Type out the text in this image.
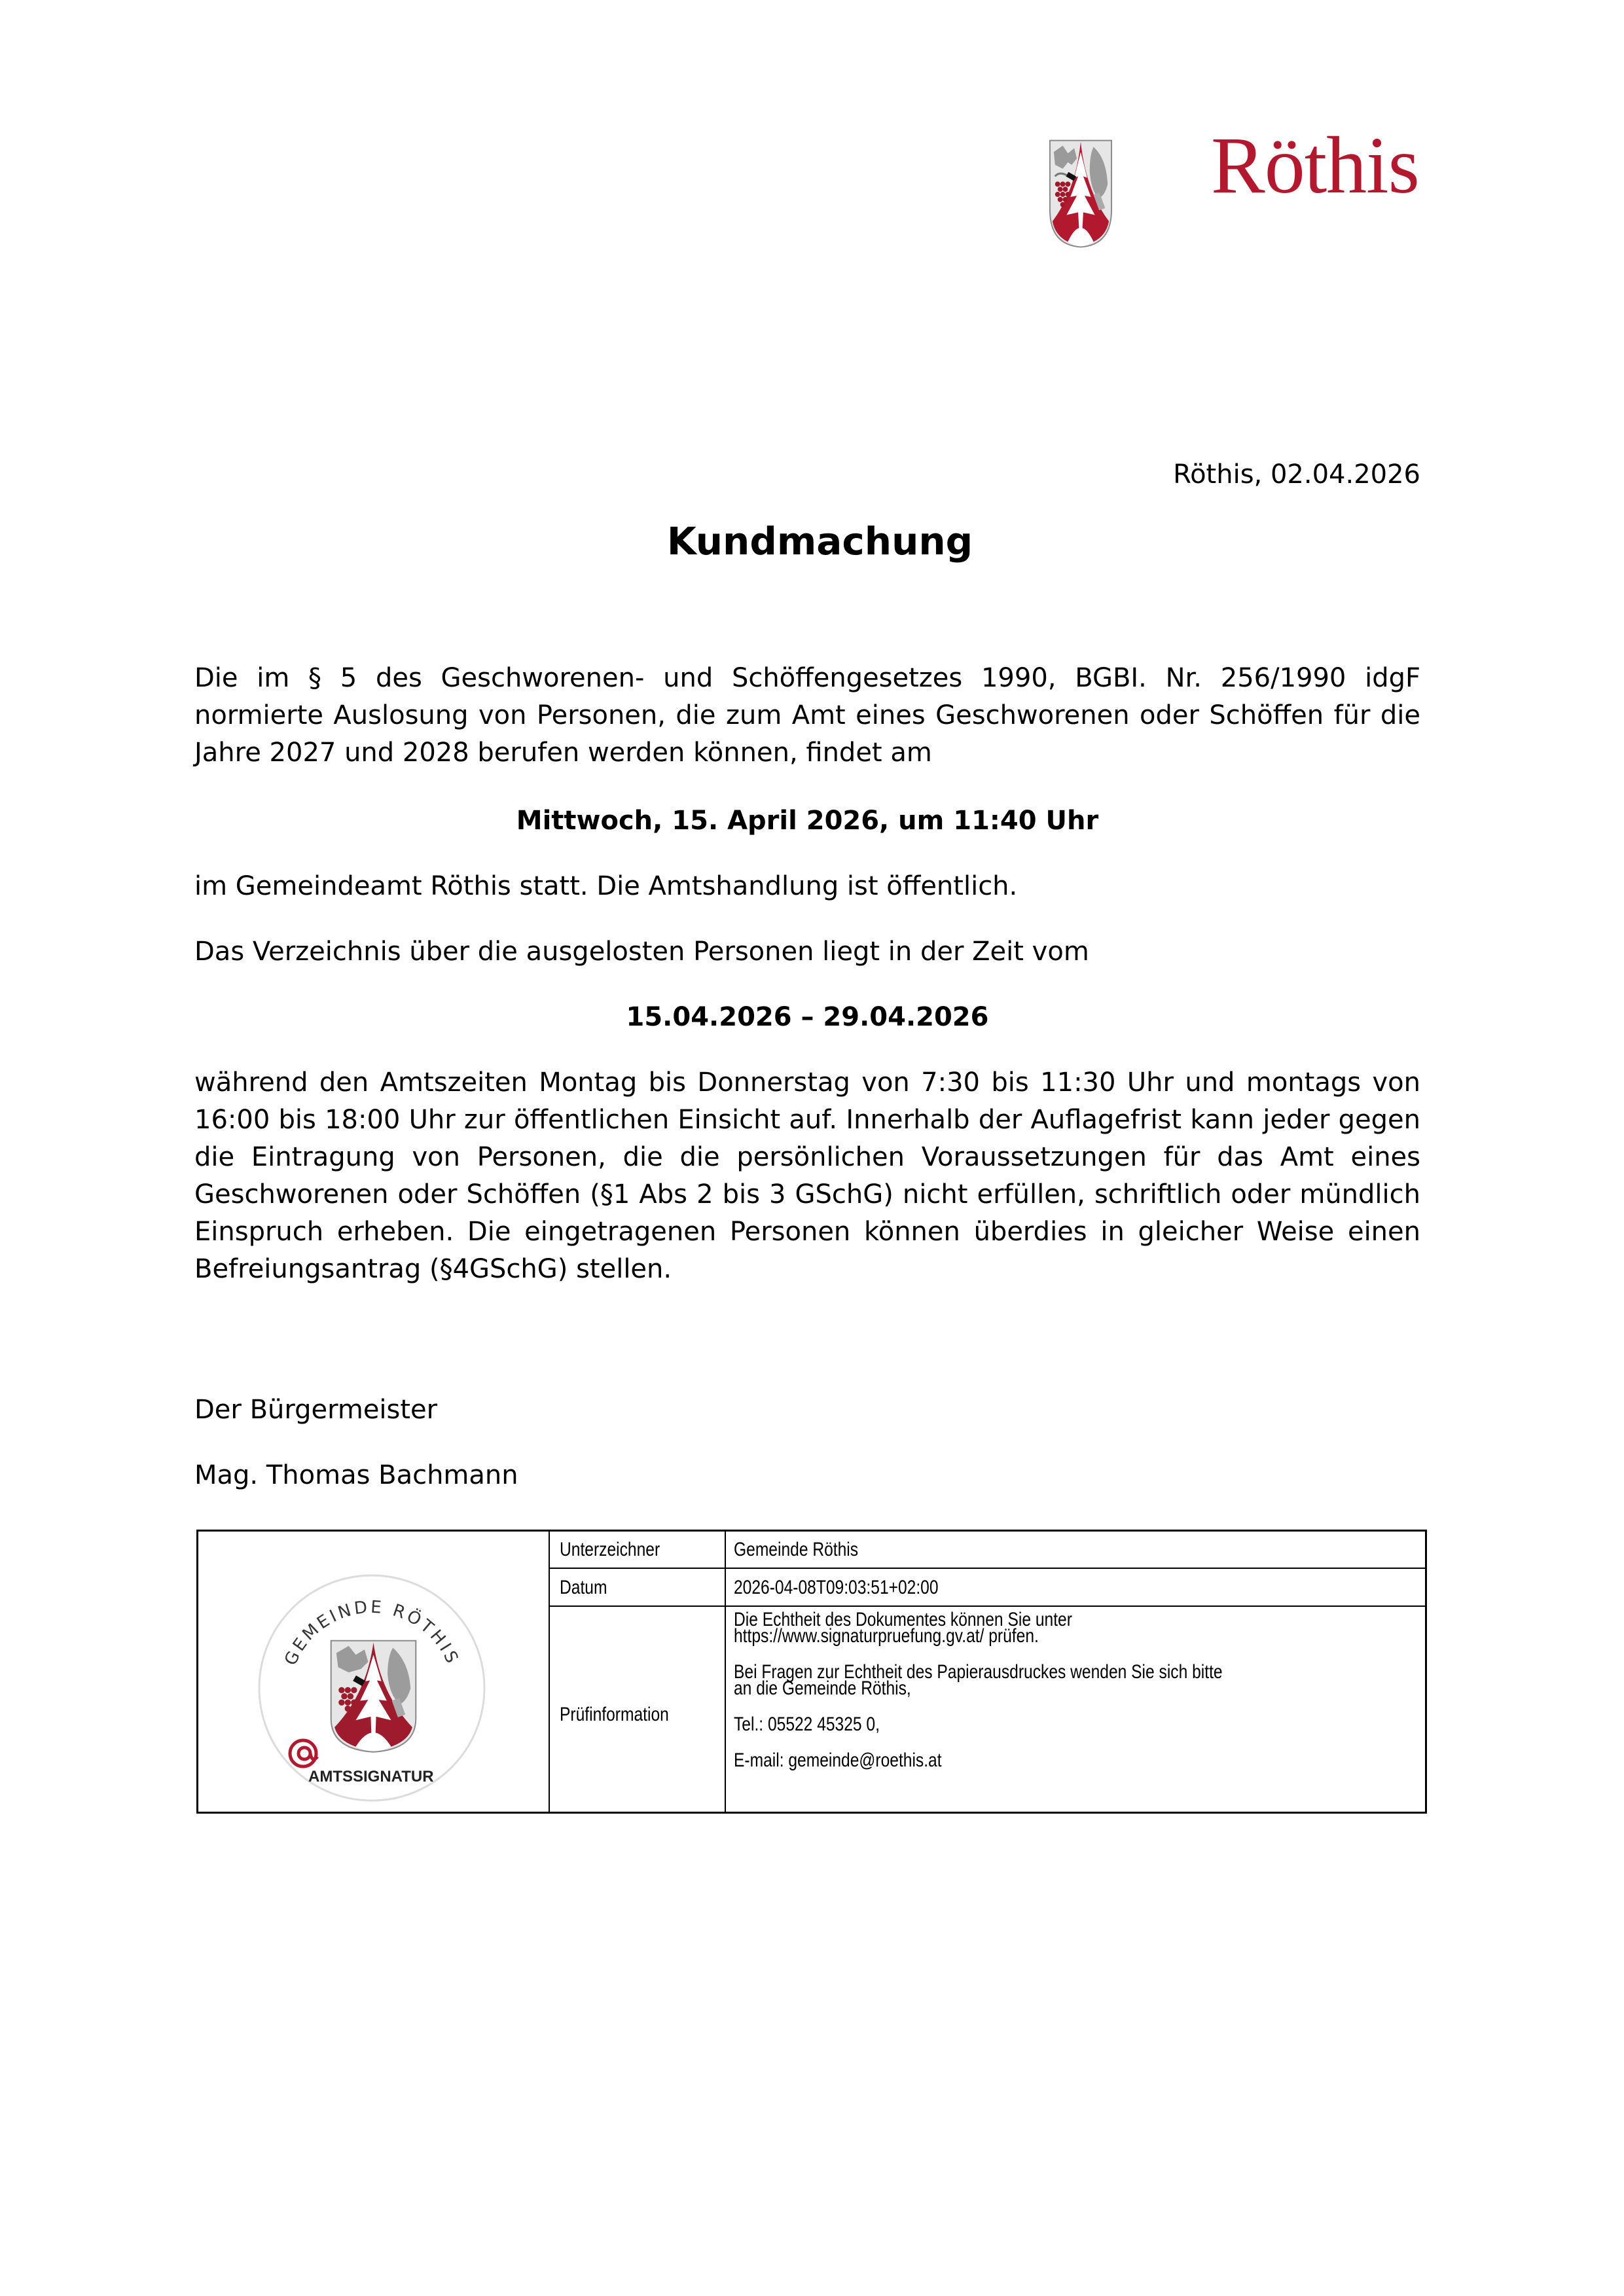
Röthis
Röthis, 02.04.2026
Kundmachung

Die im § 5 des Geschworenen- und Schöffengesetzes 1990, BGBI. Nr. 256/1990 idgF normierte Auslosung von Personen, die zum Amt eines Geschworenen oder Schöffen für die Jahre 2027 und 2028 berufen werden können, findet am

Mittwoch, 15. April 2026, um 11:40 Uhr
im Gemeindeamt Röthis statt. Die Amtshandlung ist öffentlich.
Das Verzeichnis über die ausgelosten Personen liegt in der Zeit vom
15.04.2026 – 29.04.2026

während den Amtszeiten Montag bis Donnerstag von 7:30 bis 11:30 Uhr und montags von 16:00 bis 18:00 Uhr zur öffentlichen Einsicht auf. Innerhalb der Auflagefrist kann jeder gegen die Eintragung von Personen, die die persönlichen Voraussetzungen für das Amt eines Geschworenen oder Schöffen (§1 Abs 2 bis 3 GSchG) nicht erfüllen, schriftlich oder mündlich Einspruch erheben. Die eingetragenen Personen können überdies in gleicher Weise einen Befreiungsantrag (§4GSchG) stellen.

Der Bürgermeister
Mag. Thomas Bachmann
GEMEINDE RÖTHIS
AMTSSIGNATUR
Unterzeichner	Gemeinde Röthis
Datum	2026-04-08T09:03:51+02:00
Prüfinformation
Die Echtheit des Dokumentes können Sie unter
https://www.signaturpruefung.gv.at/ prüfen.
Bei Fragen zur Echtheit des Papierausdruckes wenden Sie sich bitte
an die Gemeinde Röthis,
Tel.: 05522 45325 0,
E-mail: gemeinde@roethis.at
